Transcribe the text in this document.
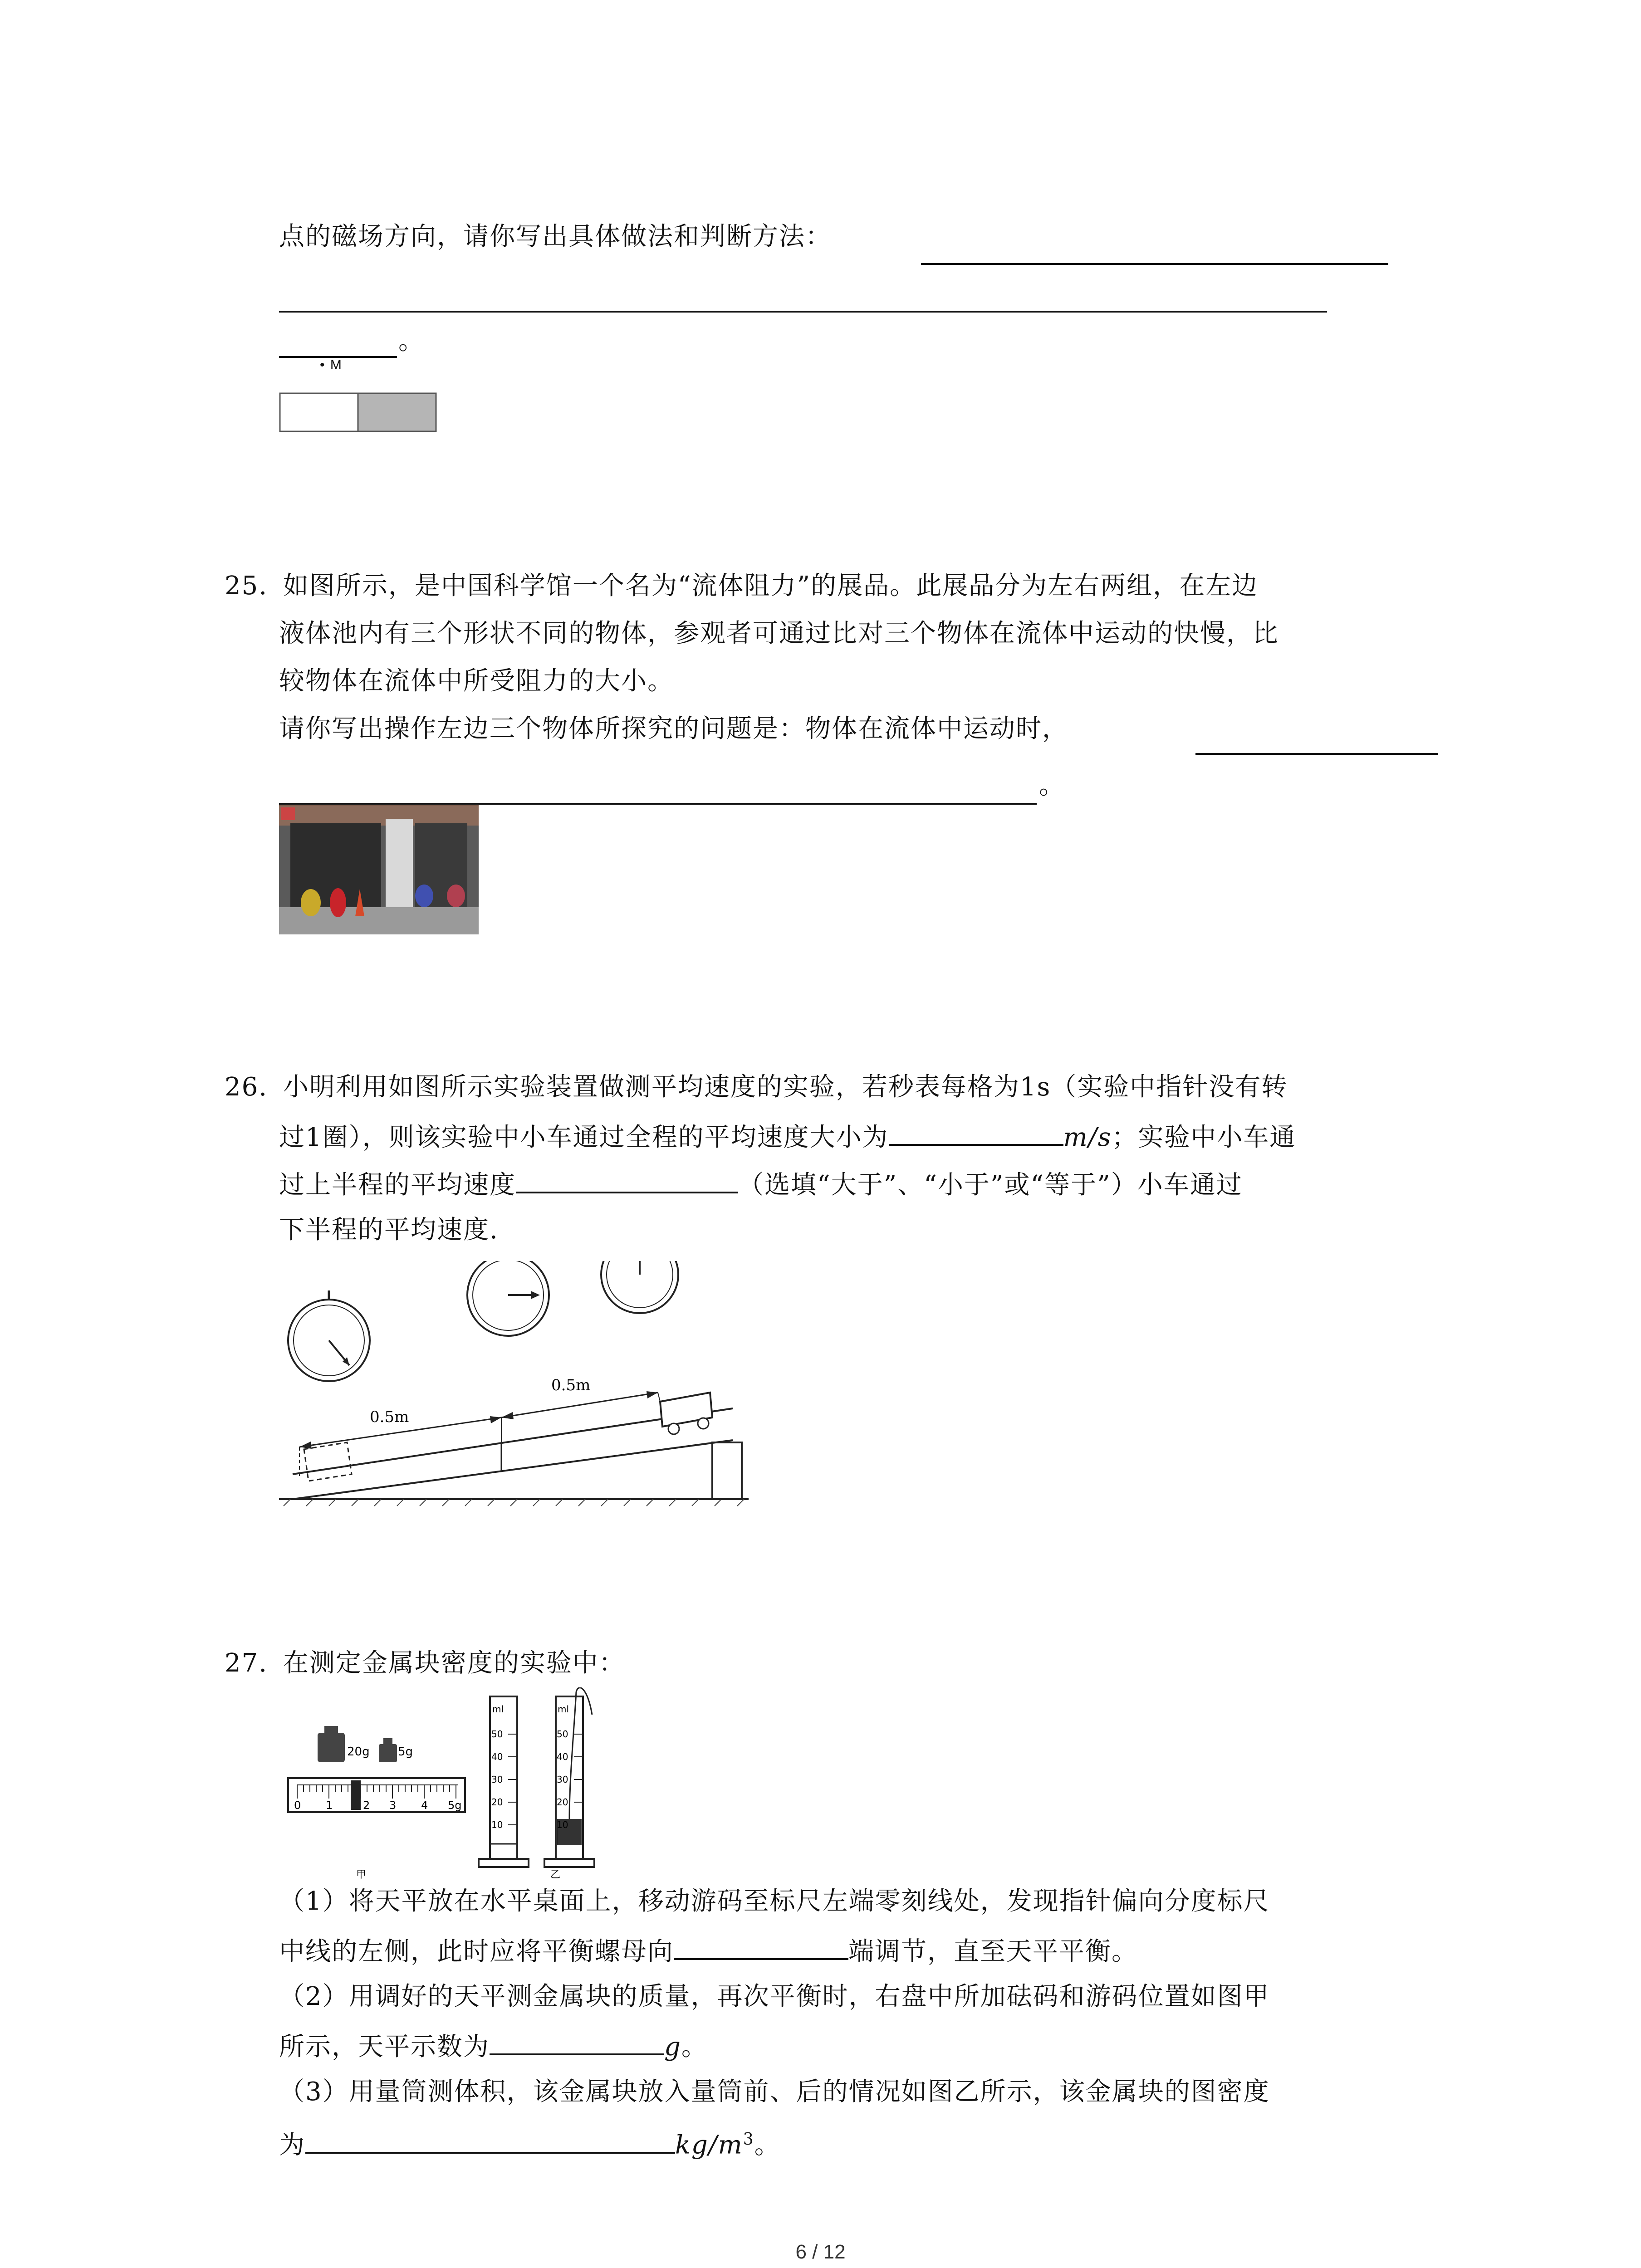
点的磁场方向，请你写出具体做法和判断方法：
。
• M
25. 如图所示，是中国科学馆一个名为“流体阻力”的展品。此展品分为左右两组，在左边
液体池内有三个形状不同的物体，参观者可通过比对三个物体在流体中运动的快慢，比
较物体在流体中所受阻力的大小。
请你写出操作左边三个物体所探究的问题是：物体在流体中运动时，
。
26. 小明利用如图所示实验装置做测平均速度的实验，若秒表每格为1s（实验中指针没有转
过1圈），则该实验中小车通过全程的平均速度大小为	m/s；实验中小车通
过上半程的平均速度	（选填“大于”、“小于”或“等于”）小车通过
下半程的平均速度.
0.5m
0.5m
27. 在测定金属块密度的实验中：
20g 5g
0 1	2 3 4 5g
甲
ml
50
40
30
20
10
ml
50
40
30
20
10
乙
（1）将天平放在水平桌面上，移动游码至标尺左端零刻线处，发现指针偏向分度标尺
中线的左侧，此时应将平衡螺母向	端调节，直至天平平衡。
（2）用调好的天平测金属块的质量，再次平衡时，右盘中所加砝码和游码位置如图甲
所示，天平示数为	g。
（3）用量筒测体积，该金属块放入量筒前、后的情况如图乙所示，该金属块的图密度
为	$kg/m^3$。
6 / 12
